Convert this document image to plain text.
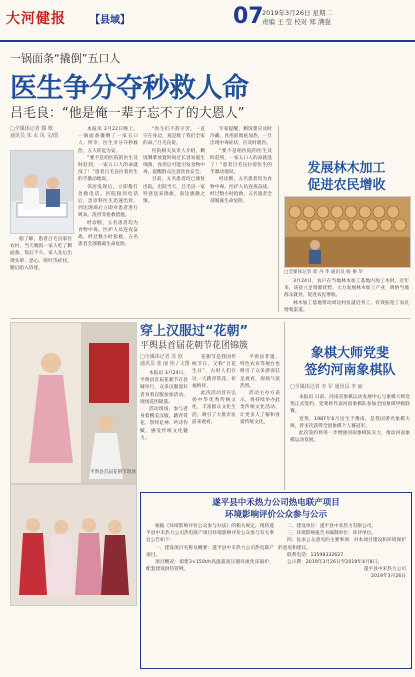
大河健报 【县域】	07
2019年3月26日 星期二
责编 王 莹 校对 郑 满强
一锅面条“撬倒”五口人
医生争分夺秒救人命
吕毛良：“他是俺一辈子忘不了的大恩人”
□全媒体记者 滕 歌
通讯员 朱 永 凤 文/图

据了解，患者吕毛良家住农村，当天晚饭一家人吃了剩面条。饭后不久，家人先后出现头晕、恶心、呕吐等症状，随后陷入昏迷。

本报讯 3月22日晚上，一锅面条撬倒了一家五口人。所幸，医生争分夺秒救治，五人转危为安。

“要不是咱医院的医生及时赶到，一家五口人的命就没了！”患者吕毛良拉着医生的手激动地说。

邻居发现后，立即拨打急救电话。医院接到电话后，急诊科医生迅速出诊，到达现场后立即对患者进行吸氧、洗胃等抢救措施。

经诊断，五名患者均为食物中毒。医护人员连夜奋战，经过数小时抢救，五名患者全部脱离生命危险。

“医生们不辞辛苦，一直守在身边，真是救了我们全家的命。”吕毛良说。

医院相关负责人介绍，剩饭剩菜放置时间过长容易滋生细菌，食用后可能引发食物中毒，提醒群众注意饮食安全。

目前，五名患者均已康复出院。出院当天，吕毛良一家特意送来锦旗，表达感激之情。

专家提醒，剩饭菜应及时冷藏，食用前彻底加热，一旦出现中毒症状，应及时就医。

“要不是咱医院的医生及时赶到，一家五口人的命就没了！”患者吕毛良拉着医生的手激动地说。

经诊断，五名患者均为食物中毒。医护人员连夜奋战，经过数小时抢救，五名患者全部脱离生命危险。

发展林木加工
促进农民增收
□全媒体记者 郑 丹 华 通讯员 杨 俊 华

3月24日，农户在当地林木加工基地内加工木材。近年来，该县立足资源优势，大力发展林木加工产业，吸纳当地群众就业，促进农民增收。

林木加工基地带动周边村民就近务工，有效拓宽了农民增收渠道。

穿上汉服过“花朝”
平舆县首届花朝节花团锦簇
平舆县首届花朝节现场
□全媒体记者 苏 欣
通讯员 张 丽 艳 / 文图

本报讯 3月24日，平舆县首届花朝节在县城举行，众多汉服爱好者身着汉服参加活动，现场花团锦簇。

活动现场，参与者身着精美汉服，踏青赏花、祭拜花神、吟诗作赋，感受传统文化魅力。

花朝节是我国传统节日，又称“百花生日”，古时人们在这一天踏青赏花、祈福纳祥。

此次活动旨在弘扬中华优秀传统文化，丰富群众文化生活，吸引了大批市民前来观看。

平舆县非遗、特色农业等展台也吸引了众多游客驻足观看，现场气氛热烈。

活动主办方表示，将持续举办此类传统文化活动，让更多人了解和喜爱传统文化。

象棋大师党斐
签约河南象棋队
□全媒体记者 李 军 通讯员 李 丽

本报讯 日前，河南省象棋运动发展中心与象棋大师党斐正式签约，党斐将代表河南象棋队参加全国象棋甲级联赛。

党斐，1987年6月出生于豫南，是我国著名象棋大师，曾多次获得全国象棋个人赛冠军。

此次签约将进一步增强河南象棋队实力，推动河南象棋运动发展。

遂平县中禾热力公司热电联产项目
环境影响评价公众参与公示

根据《环境影响评价公众参与办法》的相关规定，现将遂平县中禾热力公司热电联产项目环境影响评价公众参与有关事宜公告如下：

一、建设项目名称及概要：遂平县中禾热力公司热电联产项目。

项目概况：拟建3×150t/h高温超高压循环流化床锅炉，配套建设供热管网。

二、建设单位：遂平县中禾热力有限公司。

三、环境影响报告书编制单位：环评单位。

四、征求公众意见的主要事项：对本项目建设和环境保护的意见和建议。

联系电话：13598332627

公示期：2019年3月26日至2019年4月8日。

遂平县中禾热力公司
2019年3月26日
